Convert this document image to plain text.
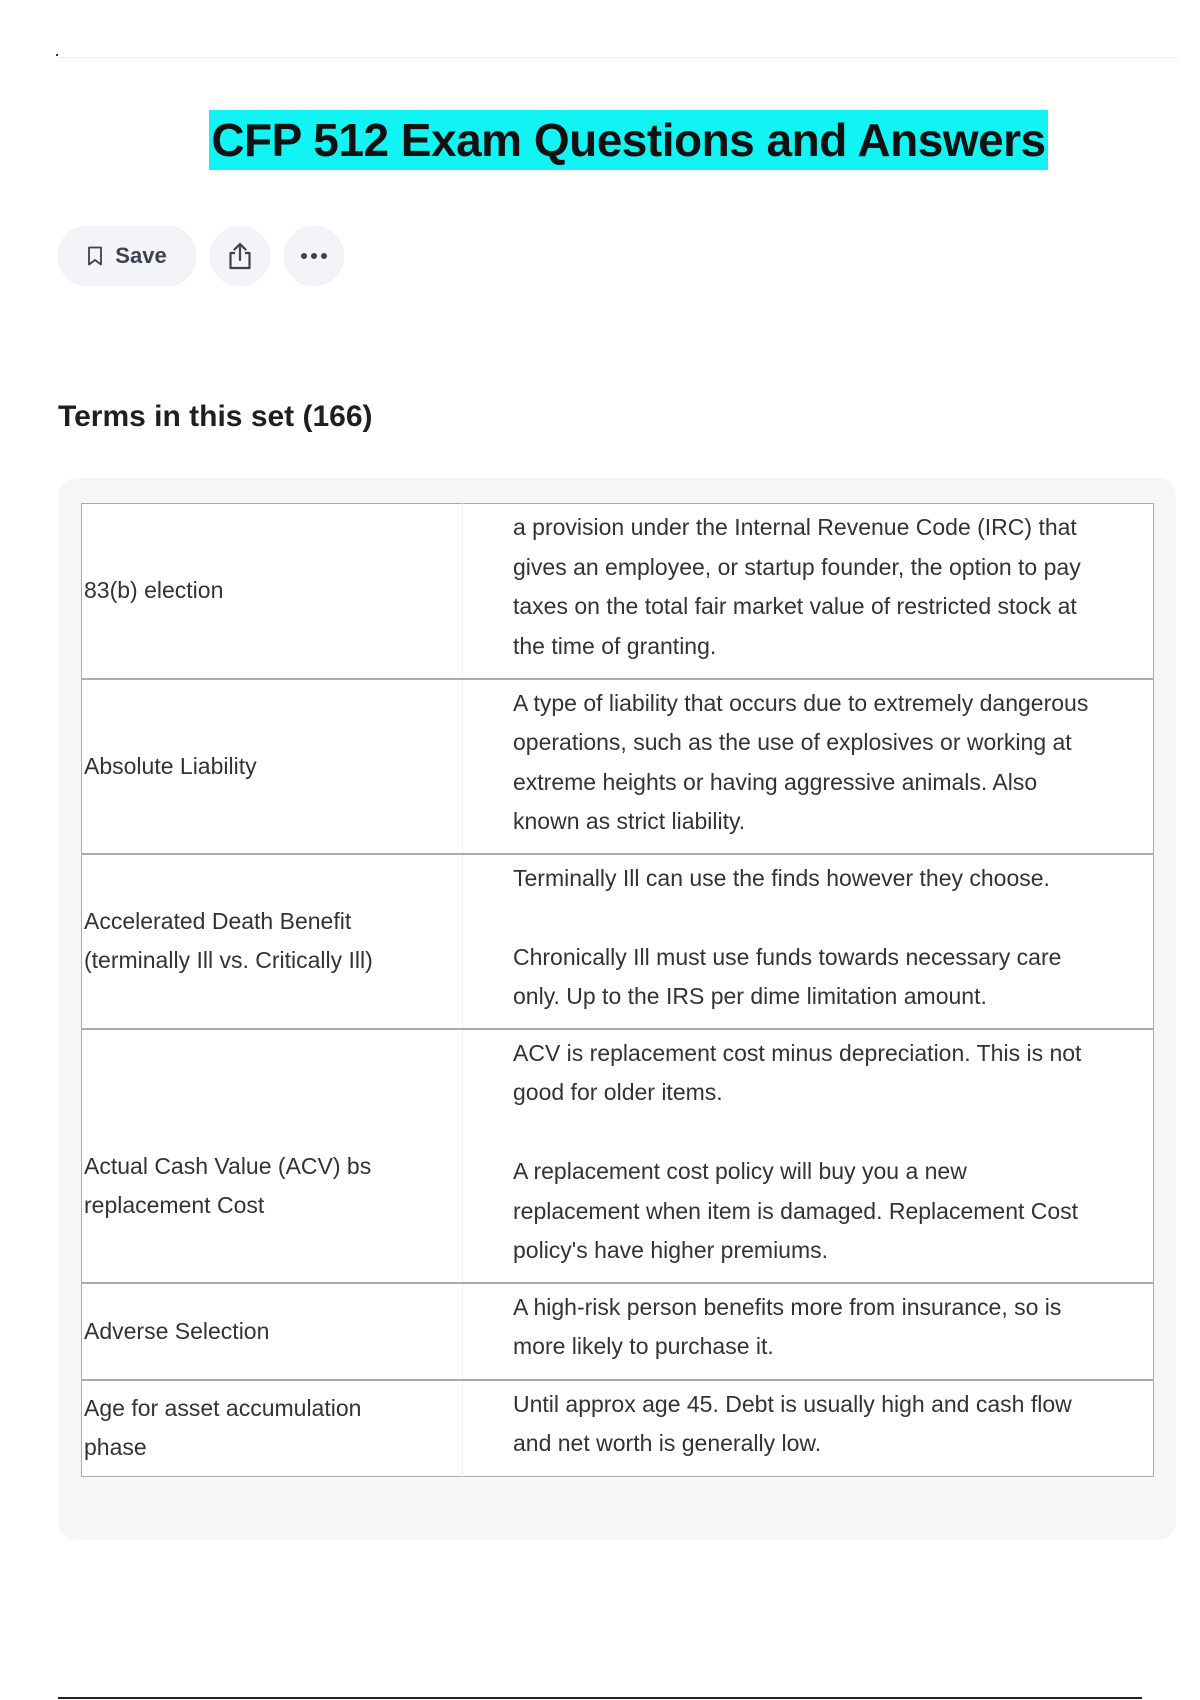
CFP 512 Exam Questions and Answers
Save
Terms in this set (166)
83(b) election	a provision under the Internal Revenue Code (IRC) that gives an employee, or startup founder, the option to pay taxes on the total fair market value of restricted stock at the time of granting.
Absolute Liability	A type of liability that occurs due to extremely dangerous operations, such as the use of explosives or working at extreme heights or having aggressive animals. Also known as strict liability.
Accelerated Death Benefit (terminally Ill vs. Critically Ill)	Terminally Ill can use the finds however they choose.

Chronically Ill must use funds towards necessary care only. Up to the IRS per dime limitation amount.
Actual Cash Value (ACV) bs replacement Cost	ACV is replacement cost minus depreciation. This is not good for older items.

A replacement cost policy will buy you a new replacement when item is damaged. Replacement Cost policy's have higher premiums.
Adverse Selection	A high-risk person benefits more from insurance, so is more likely to purchase it.
Age for asset accumulation phase	Until approx age 45. Debt is usually high and cash flow and net worth is generally low.
